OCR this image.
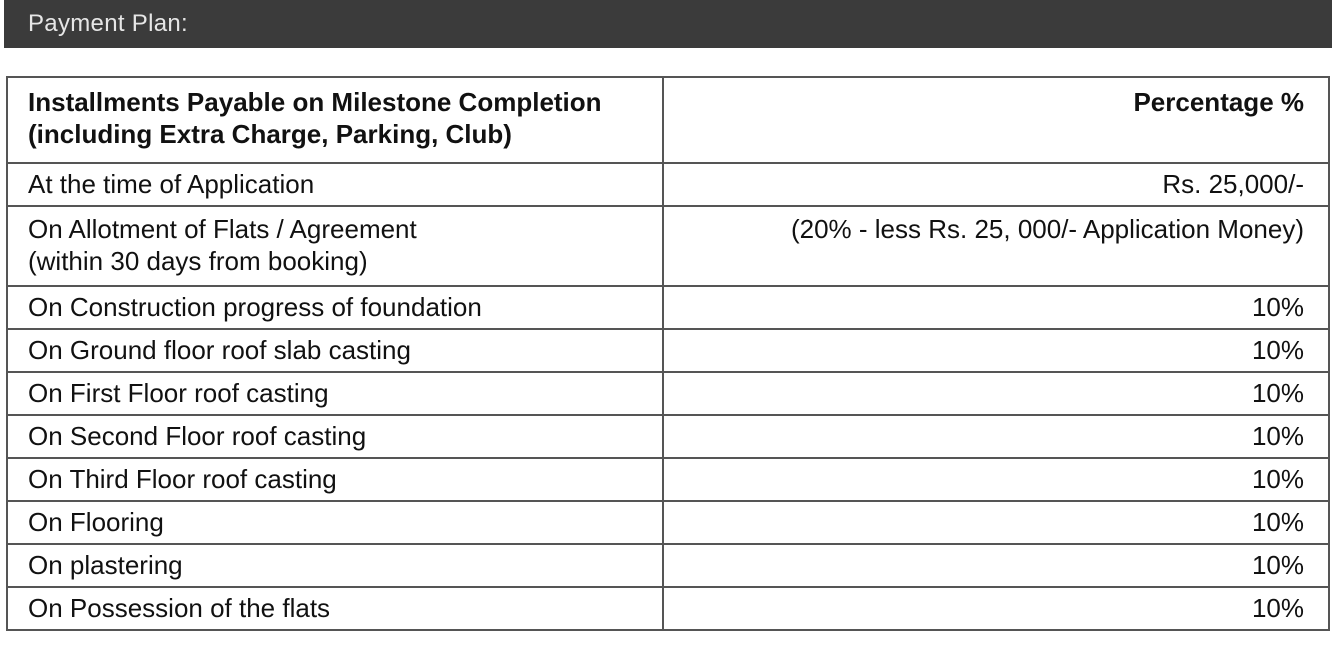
Payment Plan:
Installments Payable on Milestone Completion
(including Extra Charge, Parking, Club)	Percentage %

At the time of Application	Rs. 25,000/-

On Allotment of Flats / Agreement
(within 30 days from booking)	(20% - less Rs. 25, 000/- Application Money)

On Construction progress of foundation	10%

On Ground floor roof slab casting	10%

On First Floor roof casting	10%

On Second Floor roof casting	10%

On Third Floor roof casting	10%

On Flooring	10%

On plastering	10%

On Possession of the flats	10%
